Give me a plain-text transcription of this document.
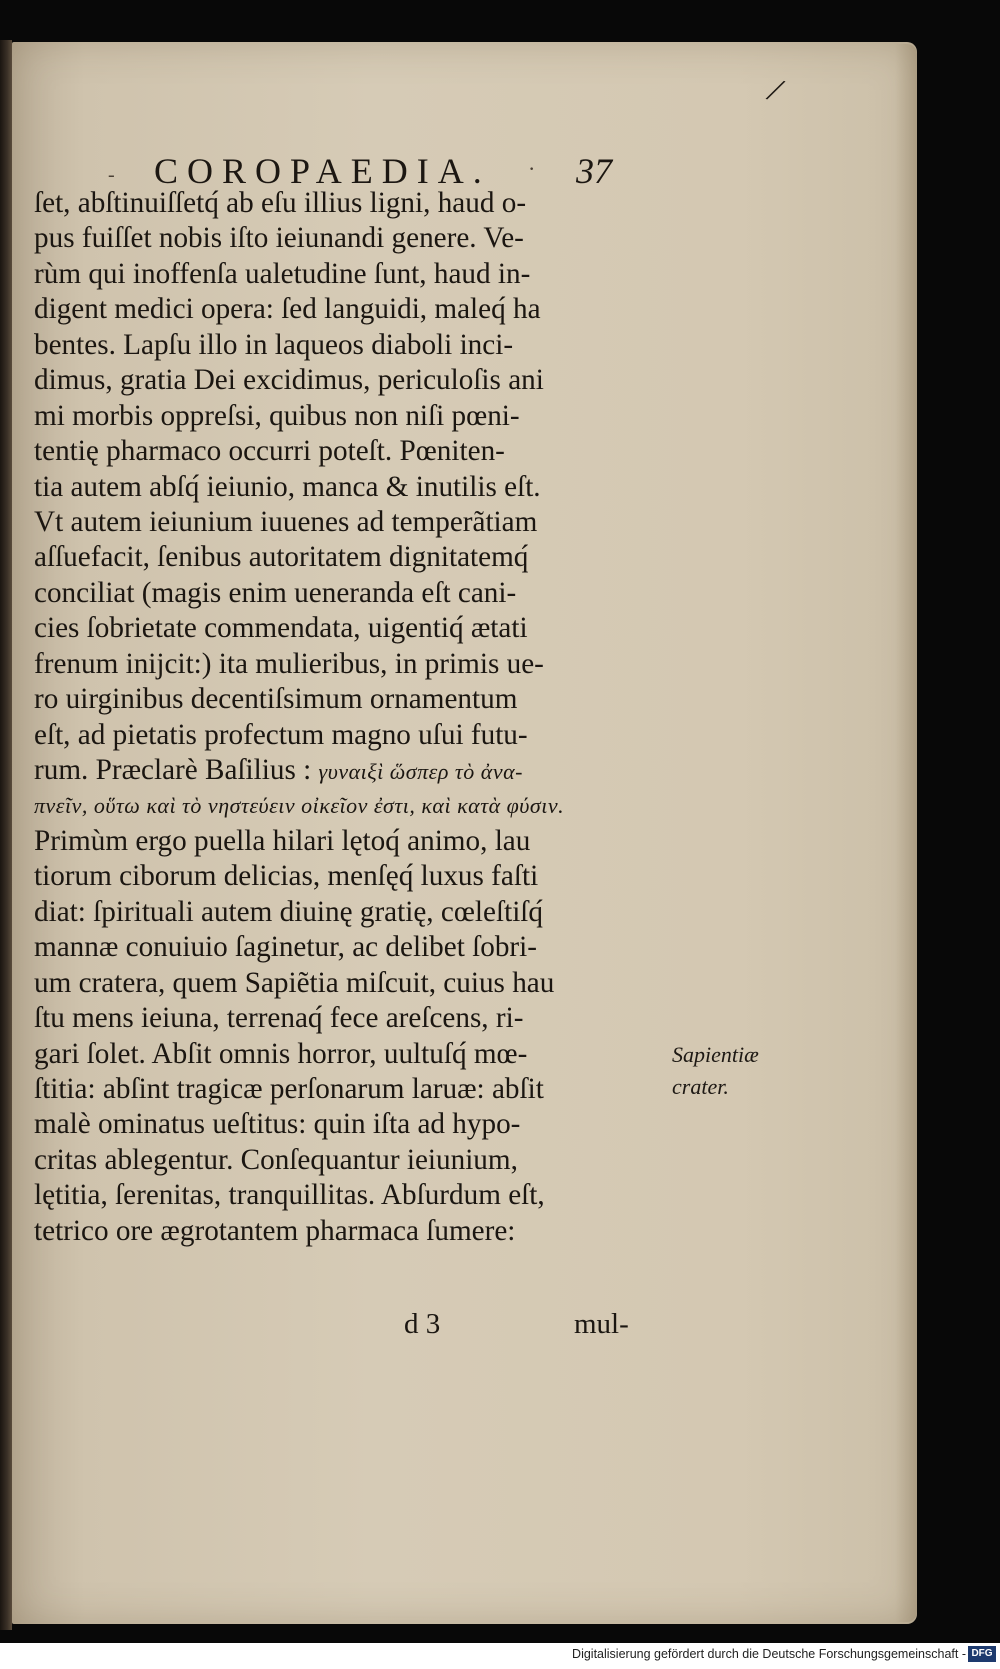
/
- COROPAEDIA. · 37
ſet, abſtinuiſſetq́ ab eſu illius ligni, haud o-
pus fuiſſet nobis iſto ieiunandi genere. Ve-
rùm qui inoffenſa ualetudine ſunt, haud in-
digent medici opera: ſed languidi, maleq́ ha
bentes. Lapſu illo in laqueos diaboli inci-
dimus, gratia Dei excidimus, periculoſis ani
mi morbis oppreſsi, quibus non niſi pœni-
tentię pharmaco occurri poteſt. Pœniten-
tia autem abſq́ ieiunio, manca & inutilis eſt.
Vt autem ieiunium iuuenes ad temperãtiam
aſſuefacit, ſenibus autoritatem dignitatemq́
conciliat (magis enim ueneranda eſt cani-
cies ſobrietate commendata, uigentiq́ ætati
frenum inijcit:) ita mulieribus, in primis ue-
ro uirginibus decentiſsimum ornamentum
eſt, ad pietatis profectum magno uſui futu-
rum. Præclarè Baſilius : γυναιξὶ ὥσπερ τὸ ἀνα-
πνεῖν, οὕτω καὶ τὸ νηστεύειν οἰκεῖον ἐστι, καὶ κατὰ φύσιν.
Primùm ergo puella hilari lętoq́ animo, lau
tiorum ciborum delicias, menſęq́ luxus faſti
diat: ſpirituali autem diuinę gratię, cœleſtiſq́
mannæ conuiuio ſaginetur, ac delibet ſobri-
um cratera, quem Sapiẽtia miſcuit, cuius hau
ſtu mens ieiuna, terrenaq́ fece areſcens, ri-
gari ſolet. Abſit omnis horror, uultuſq́ mœ-
ſtitia: abſint tragicæ perſonarum laruæ: abſit
malè ominatus ueſtitus: quin iſta ad hypo-
critas ablegentur. Conſequantur ieiunium,
lętitia, ſerenitas, tranquillitas. Abſurdum eſt,
tetrico ore ægrotantem pharmaca ſumere:
Sapientiæ
crater.
d 3	mul-
Digitalisierung gefördert durch die Deutsche Forschungsgemeinschaft - DFG
